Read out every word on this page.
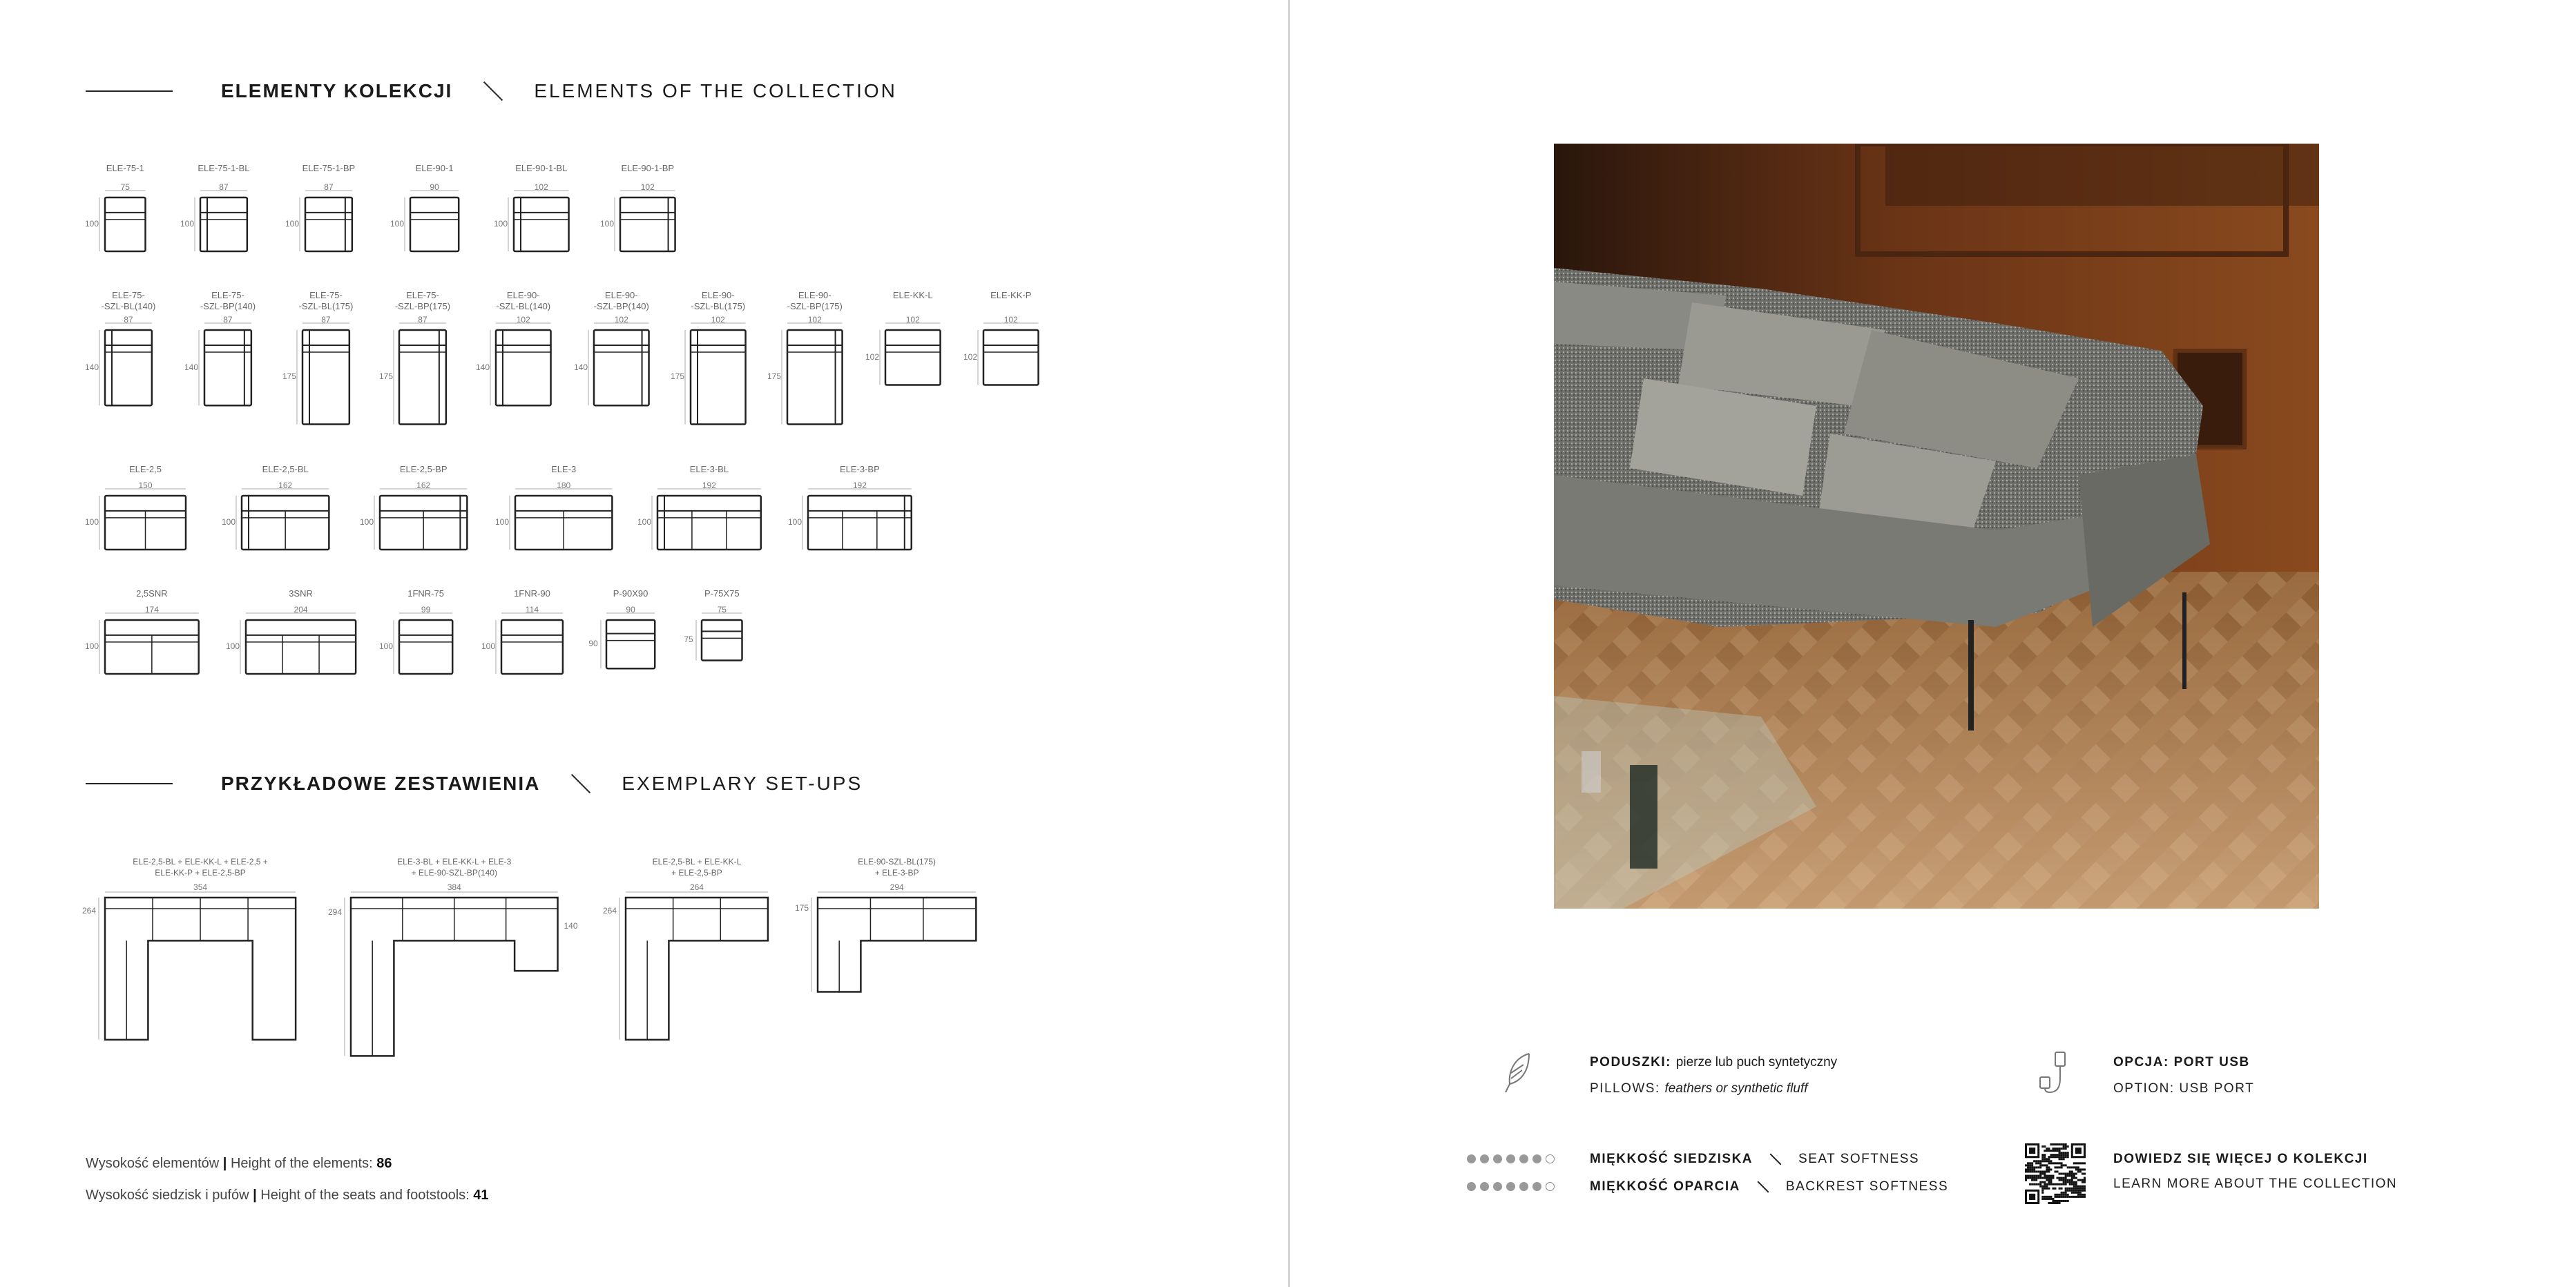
ELEMENTY KOLEKCJI	ELEMENTS OF THE COLLECTION
ELE-75-1
75
100
ELE-75-1-BL
87
100
ELE-75-1-BP
87
100
ELE-90-1
90
100
ELE-90-1-BL
102
100
ELE-90-1-BP
102
100
ELE-75-
-SZL-BL(140)
87
140
ELE-75-
-SZL-BP(140)
87
140
ELE-75-
-SZL-BL(175)
87
175
ELE-75-
-SZL-BP(175)
87
175
ELE-90-
-SZL-BL(140)
102
140
ELE-90-
-SZL-BP(140)
102
140
ELE-90-
-SZL-BL(175)
102
175
ELE-90-
-SZL-BP(175)
102
175
ELE-KK-L
102
102
ELE-KK-P
102
102
ELE-2,5
150
100
ELE-2,5-BL
162
100
ELE-2,5-BP
162
100
ELE-3
180
100
ELE-3-BL
192
100
ELE-3-BP
192
100
2,5SNR
174
100
3SNR
204
100
1FNR-75
99
100
1FNR-90
114
100
P-90X90
90
90
P-75X75
75
75
PRZYKŁADOWE ZESTAWIENIA	EXEMPLARY SET-UPS
ELE-2,5-BL + ELE-KK-L + ELE-2,5 +
ELE-KK-P + ELE-2,5-BP
354
264
ELE-3-BL + ELE-KK-L + ELE-3
+ ELE-90-SZL-BP(140)
384
294
140
ELE-2,5-BL + ELE-KK-L
+ ELE-2,5-BP
264
264
ELE-90-SZL-BL(175)
+ ELE-3-BP
294
175
Wysokość elementów | Height of the elements: 86
Wysokość siedzisk i pufów | Height of the seats and footstools: 41
PODUSZKI: pierze lub puch syntetyczny
PILLOWS: feathers or synthetic fluff
OPCJA: PORT USB
OPTION: USB PORT
MIĘKKOŚĆ SIEDZISKA	SEAT SOFTNESS
MIĘKKOŚĆ OPARCIA	BACKREST SOFTNESS
DOWIEDZ SIĘ WIĘCEJ O KOLEKCJI
LEARN MORE ABOUT THE COLLECTION
